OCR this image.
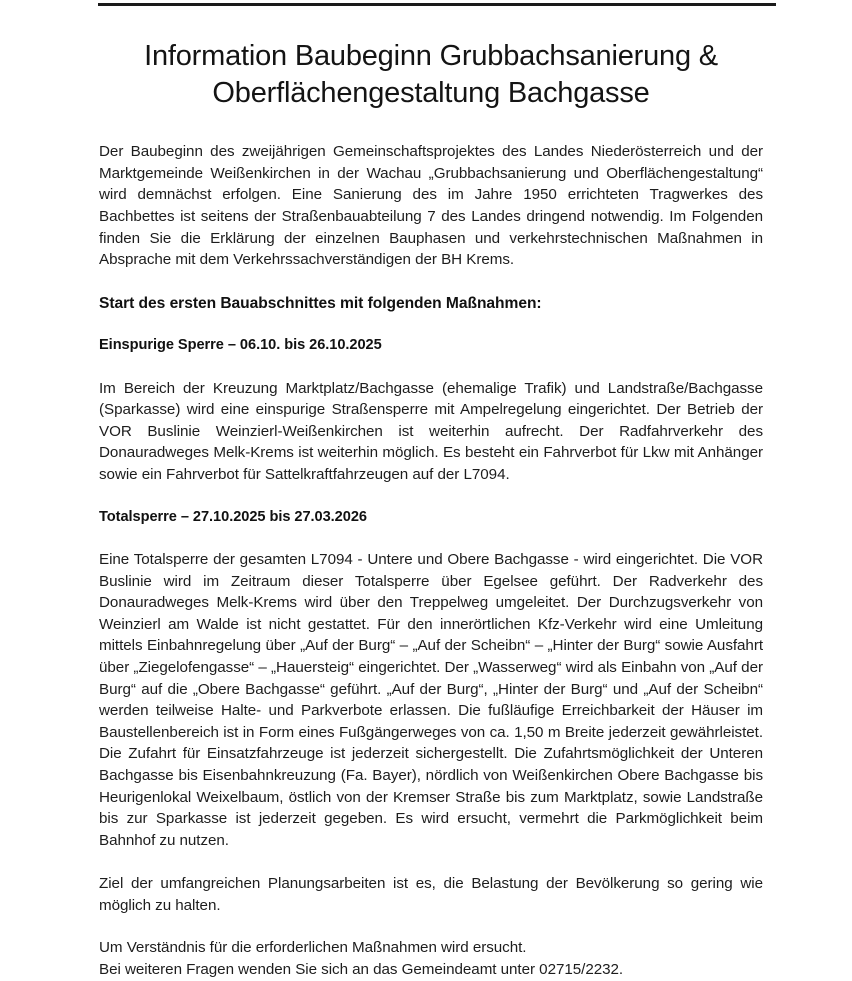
Information Baubeginn Grubbachsanierung &
Oberflächengestaltung Bachgasse

Der Baubeginn des zweijährigen Gemeinschaftsprojektes des Landes Niederösterreich und der Marktgemeinde Weißenkirchen in der Wachau „Grubbachsanierung und Oberflächengestaltung“ wird demnächst erfolgen. Eine Sanierung des im Jahre 1950 errichteten Tragwerkes des Bachbettes ist seitens der Straßenbauabteilung 7 des Landes dringend notwendig. Im Folgenden finden Sie die Erklärung der einzelnen Bauphasen und verkehrstechnischen Maßnahmen in Absprache mit dem Verkehrssachverständigen der BH Krems.

Start des ersten Bauabschnittes mit folgenden Maßnahmen:

Einspurige Sperre – 06.10. bis 26.10.2025

Im Bereich der Kreuzung Marktplatz/Bachgasse (ehemalige Trafik) und Landstraße/Bachgasse (Sparkasse) wird eine einspurige Straßensperre mit Ampelregelung eingerichtet. Der Betrieb der VOR Buslinie Weinzierl-Weißenkirchen ist weiterhin aufrecht. Der Radfahrverkehr des Donauradweges Melk-Krems ist weiterhin möglich. Es besteht ein Fahrverbot für Lkw mit Anhänger sowie ein Fahrverbot für Sattelkraftfahrzeugen auf der L7094.

Totalsperre – 27.10.2025 bis 27.03.2026

Eine Totalsperre der gesamten L7094 - Untere und Obere Bachgasse - wird eingerichtet. Die VOR Buslinie wird im Zeitraum dieser Totalsperre über Egelsee geführt. Der Radverkehr des Donauradweges Melk-Krems wird über den Treppelweg umgeleitet. Der Durchzugsverkehr von Weinzierl am Walde ist nicht gestattet. Für den innerörtlichen Kfz-Verkehr wird eine Umleitung mittels Einbahnregelung über „Auf der Burg“ – „Auf der Scheibn“ – „Hinter der Burg“ sowie Ausfahrt über „Ziegelofengasse“ – „Hauersteig“ eingerichtet. Der „Wasserweg“ wird als Einbahn von „Auf der Burg“ auf die „Obere Bachgasse“ geführt. „Auf der Burg“, „Hinter der Burg“ und „Auf der Scheibn“ werden teilweise Halte- und Parkverbote erlassen. Die fußläufige Erreichbarkeit der Häuser im Baustellenbereich ist in Form eines Fußgängerweges von ca. 1,50 m Breite jederzeit gewährleistet. Die Zufahrt für Einsatzfahrzeuge ist jederzeit sichergestellt. Die Zufahrtsmöglichkeit der Unteren Bachgasse bis Eisenbahnkreuzung (Fa. Bayer), nördlich von Weißenkirchen Obere Bachgasse bis Heurigenlokal Weixelbaum, östlich von der Kremser Straße bis zum Marktplatz, sowie Landstraße bis zur Sparkasse ist jederzeit gegeben. Es wird ersucht, vermehrt die Parkmöglichkeit beim Bahnhof zu nutzen.

Ziel der umfangreichen Planungsarbeiten ist es, die Belastung der Bevölkerung so gering wie möglich zu halten.

Um Verständnis für die erforderlichen Maßnahmen wird ersucht.

Bei weiteren Fragen wenden Sie sich an das Gemeindeamt unter 02715/2232.
